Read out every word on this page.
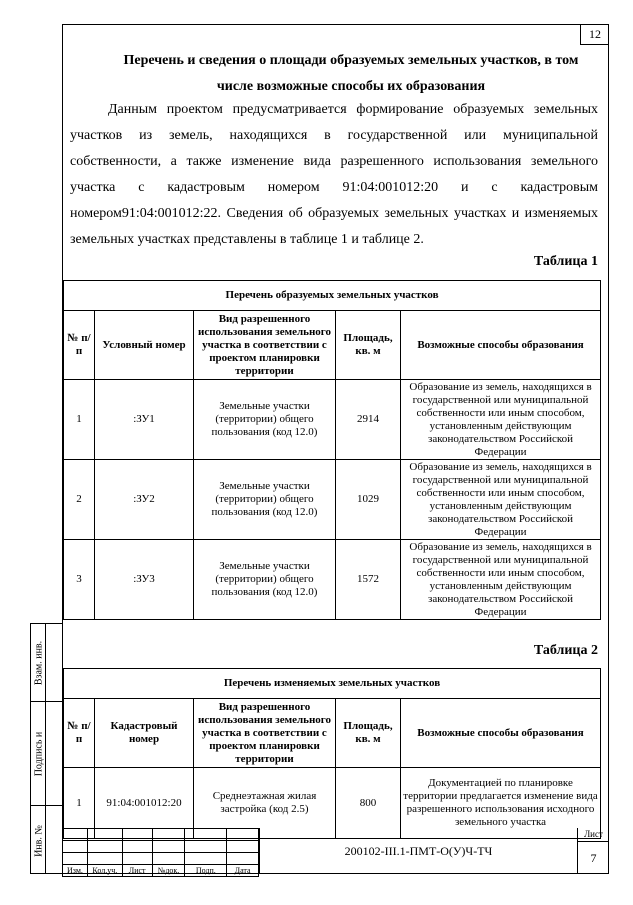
12
Перечень и сведения о площади образуемых земельных участков, в том
числе возможные способы их образования
Данным проектом предусматривается формирование образуемых земельных участков из земель, находящихся в государственной или муниципальной собственности, а также изменение вида разрешенного использования земельного участка с кадастровым номером 91:04:001012:20 и с кадастровым номером91:04:001012:22. Сведения об образуемых земельных участках и изменяемых земельных участках представлены в таблице 1 и таблице 2.
Таблица 1
Перечень образуемых земельных участков				
№ п/п	Условный номер	Вид разрешенного использования земельного участка в соответствии с проектом планировки территории	Площадь, кв. м	Возможные способы образования
1	:ЗУ1	Земельные участки (территории) общего пользования (код 12.0)	2914	Образование из земель, находящихся в государственной или муниципальной собственности или иным способом, установленным действующим законодательством Российской Федерации
2	:ЗУ2	Земельные участки (территории) общего пользования (код 12.0)	1029	Образование из земель, находящихся в государственной или муниципальной собственности или иным способом, установленным действующим законодательством Российской Федерации
3	:ЗУ3	Земельные участки (территории) общего пользования (код 12.0)	1572	Образование из земель, находящихся в государственной или муниципальной собственности или иным способом, установленным действующим законодательством Российской Федерации
Таблица 2
Перечень изменяемых земельных участков				
№ п/п	Кадастровый номер	Вид разрешенного использования земельного участка в соответствии с проектом планировки территории	Площадь, кв. м	Возможные способы образования
1	91:04:001012:20	Среднеэтажная жилая застройка (код 2.5)	800	Документацией по планировке территории предлагается изменение вида разрешенного использования исходного земельного участка
Взам. инв.
Подпись и
Инв. №

Изм.	Кол.уч.	Лист	№док.	Подп.	Дата
200102-III.1-ПМТ-О(У)Ч-ТЧ
Лист
7
